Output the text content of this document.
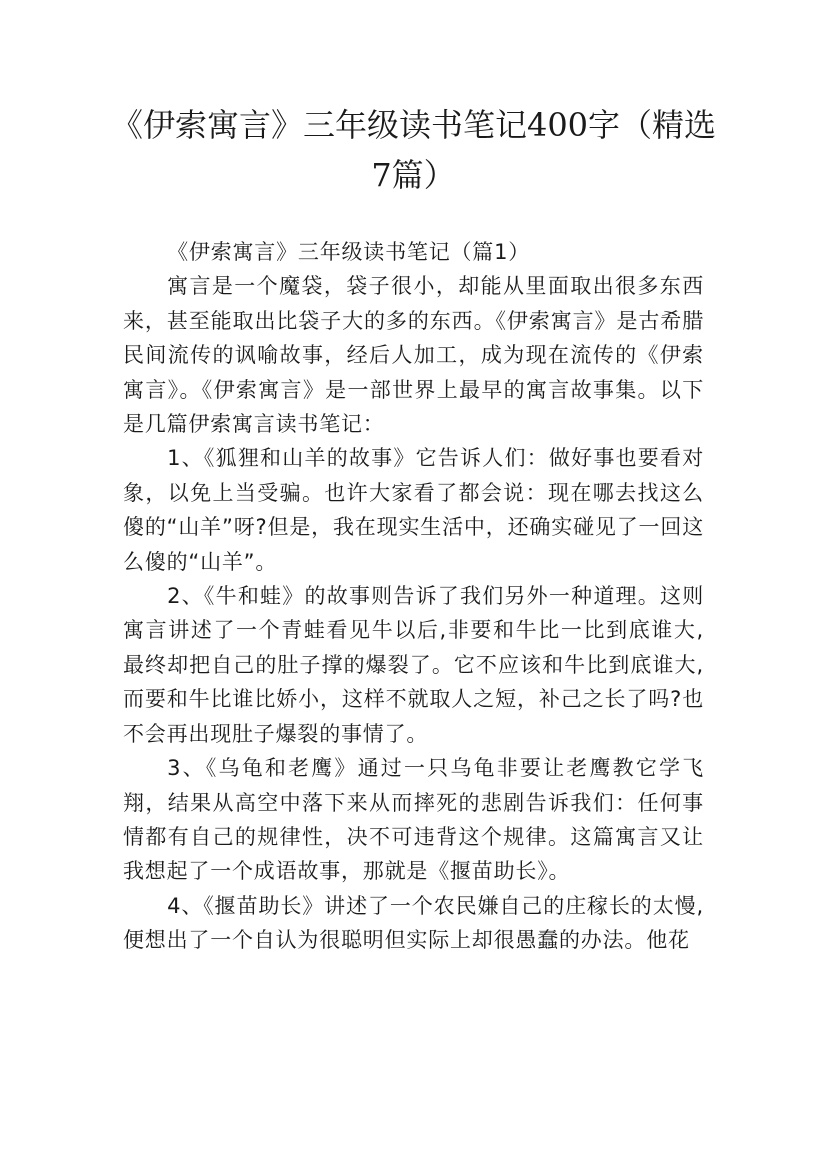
《伊索寓言》三年级读书笔记400字（精选7篇）

《伊索寓言》三年级读书笔记（篇1）

寓言是一个魔袋，袋子很小，却能从里面取出很多东西来，甚至能取出比袋子大的多的东西。《伊索寓言》是古希腊民间流传的讽喻故事，经后人加工，成为现在流传的《伊索寓言》。《伊索寓言》是一部世界上最早的寓言故事集。以下是几篇伊索寓言读书笔记：

1、《狐狸和山羊的故事》它告诉人们：做好事也要看对象，以免上当受骗。也许大家看了都会说：现在哪去找这么傻的“山羊”呀?但是，我在现实生活中，还确实碰见了一回这么傻的“山羊”。

2、《牛和蛙》的故事则告诉了我们另外一种道理。这则寓言讲述了一个青蛙看见牛以后,非要和牛比一比到底谁大,最终却把自己的肚子撑的爆裂了。它不应该和牛比到底谁大,而要和牛比谁比娇小，这样不就取人之短，补己之长了吗?也不会再出现肚子爆裂的事情了。

3、《乌龟和老鹰》通过一只乌龟非要让老鹰教它学飞翔，结果从高空中落下来从而摔死的悲剧告诉我们：任何事情都有自己的规律性，决不可违背这个规律。这篇寓言又让我想起了一个成语故事，那就是《揠苗助长》。

4、《揠苗助长》讲述了一个农民嫌自己的庄稼长的太慢,便想出了一个自认为很聪明但实际上却很愚蠢的办法。他花
